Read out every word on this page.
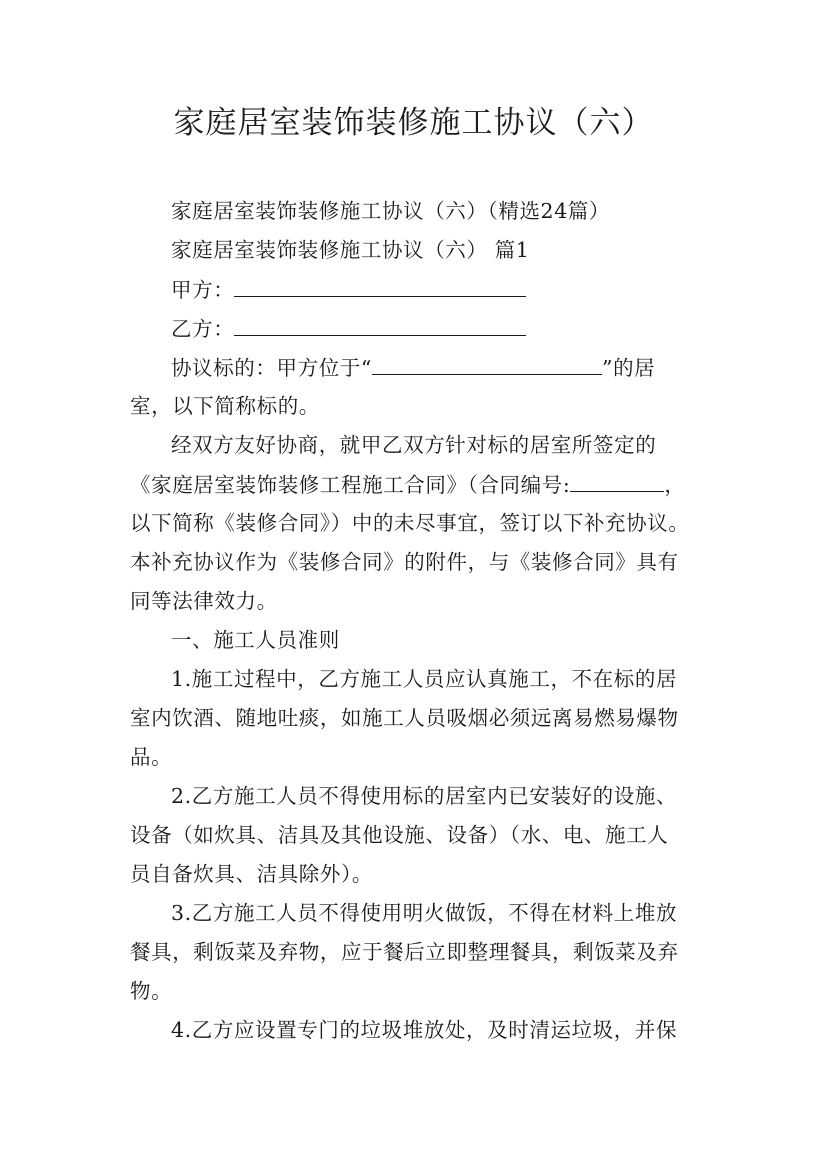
家庭居室装饰装修施工协议（六）
家庭居室装饰装修施工协议（六）（精选24篇）
家庭居室装饰装修施工协议（六） 篇1
甲方：
乙方：
协议标的：甲方位于“	”的居
室，以下简称标的。
经双方友好协商，就甲乙双方针对标的居室所签定的
《家庭居室装饰装修工程施工合同》（合同编号:	，
以下简称《装修合同》）中的未尽事宜，签订以下补充协议。
本补充协议作为《装修合同》的附件，与《装修合同》具有
同等法律效力。
一、施工人员准则
1.施工过程中，乙方施工人员应认真施工，不在标的居
室内饮酒、随地吐痰，如施工人员吸烟必须远离易燃易爆物
品。
2.乙方施工人员不得使用标的居室内已安装好的设施、
设备（如炊具、洁具及其他设施、设备）（水、电、施工人
员自备炊具、洁具除外）。
3.乙方施工人员不得使用明火做饭，不得在材料上堆放
餐具，剩饭菜及弃物，应于餐后立即整理餐具，剩饭菜及弃
物。
4.乙方应设置专门的垃圾堆放处，及时清运垃圾，并保
